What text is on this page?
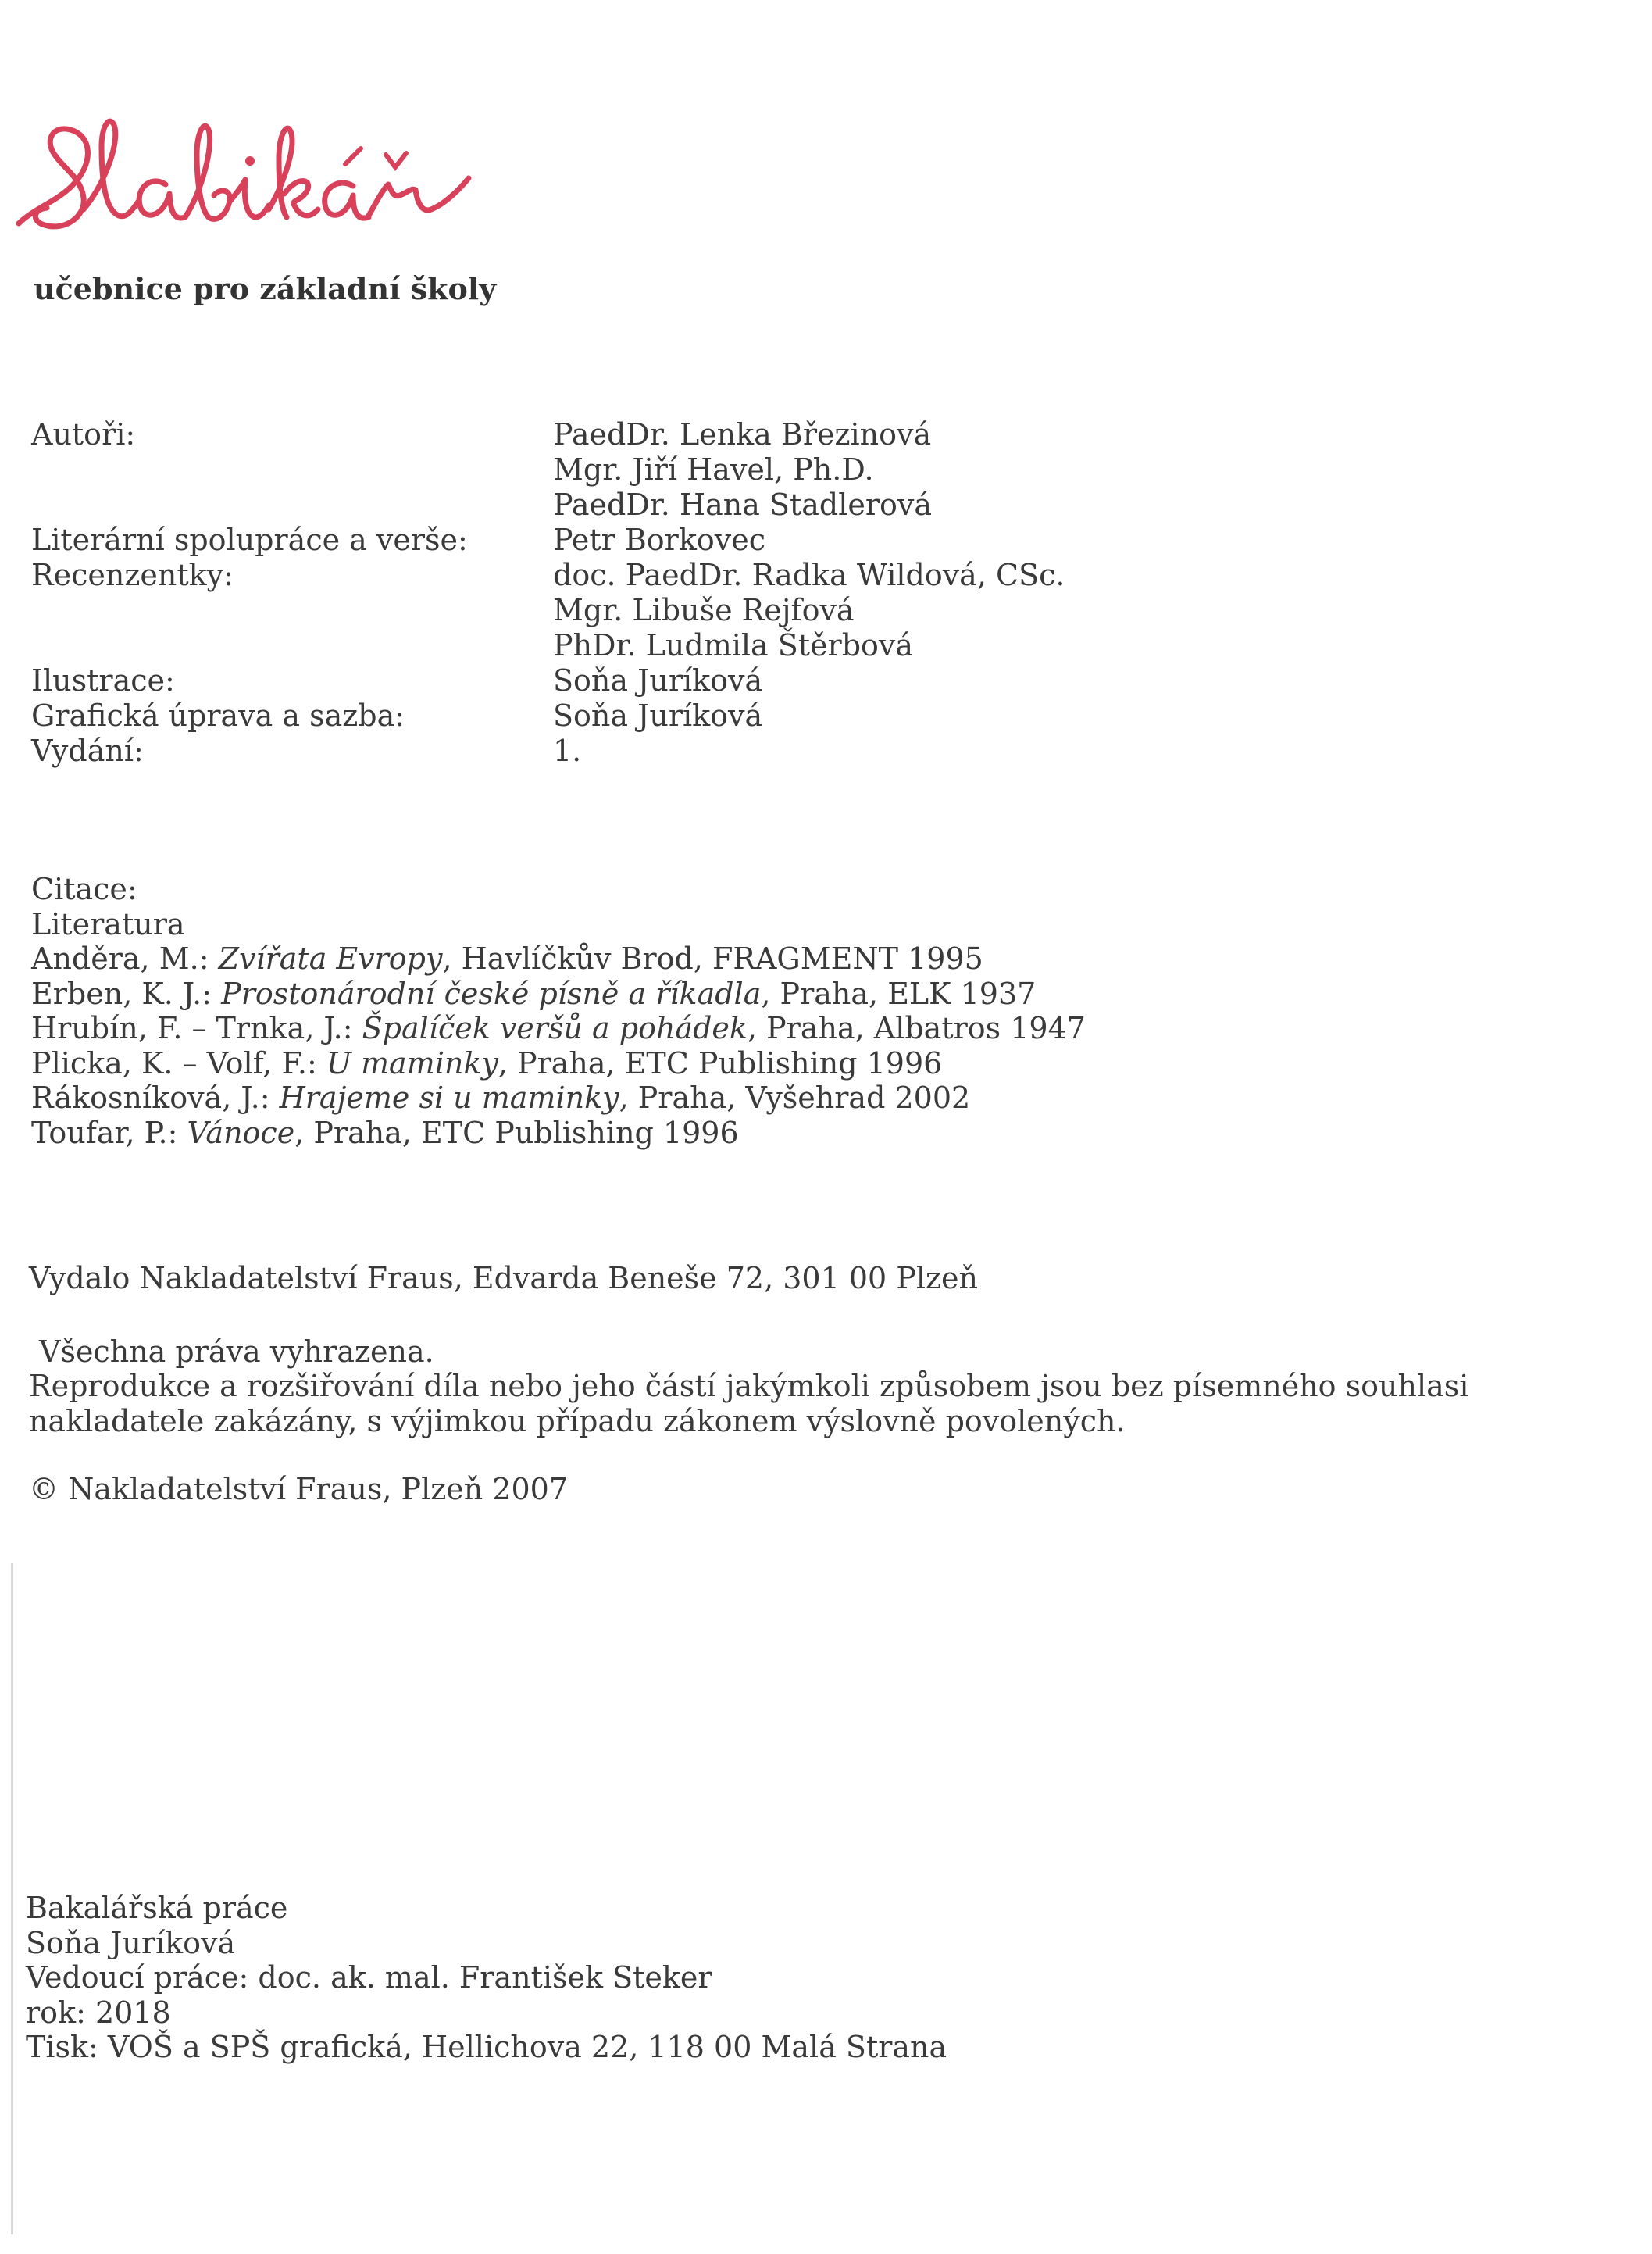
učebnice pro základní školy
Autoři:	PaedDr. Lenka Březinová
Mgr. Jiří Havel, Ph.D.
PaedDr. Hana Stadlerová
Literární spolupráce a verše:	Petr Borkovec
Recenzentky:	doc. PaedDr. Radka Wildová, CSc.
Mgr. Libuše Rejfová
PhDr. Ludmila Štěrbová
Ilustrace:	Soňa Juríková
Grafická úprava a sazba:	Soňa Juríková
Vydání:	1.
Citace:
Literatura
Anděra, M.: Zvířata Evropy, Havlíčkův Brod, FRAGMENT 1995
Erben, K. J.: Prostonárodní české písně a říkadla, Praha, ELK 1937
Hrubín, F. – Trnka, J.: Špalíček veršů a pohádek, Praha, Albatros 1947
Plicka, K. – Volf, F.: U maminky, Praha, ETC Publishing 1996
Rákosníková, J.: Hrajeme si u maminky, Praha, Vyšehrad 2002
Toufar, P.: Vánoce, Praha, ETC Publishing 1996
Vydalo Nakladatelství Fraus, Edvarda Beneše 72, 301 00 Plzeň
Všechna práva vyhrazena.
Reprodukce a rozšiřování díla nebo jeho částí jakýmkoli způsobem jsou bez písemného souhlasi
nakladatele zakázány, s výjimkou případu zákonem výslovně povolených.
© Nakladatelství Fraus, Plzeň 2007
Bakalářská práce
Soňa Juríková
Vedoucí práce: doc. ak. mal. František Steker
rok: 2018
Tisk: VOŠ a SPŠ grafická, Hellichova 22, 118 00 Malá Strana
